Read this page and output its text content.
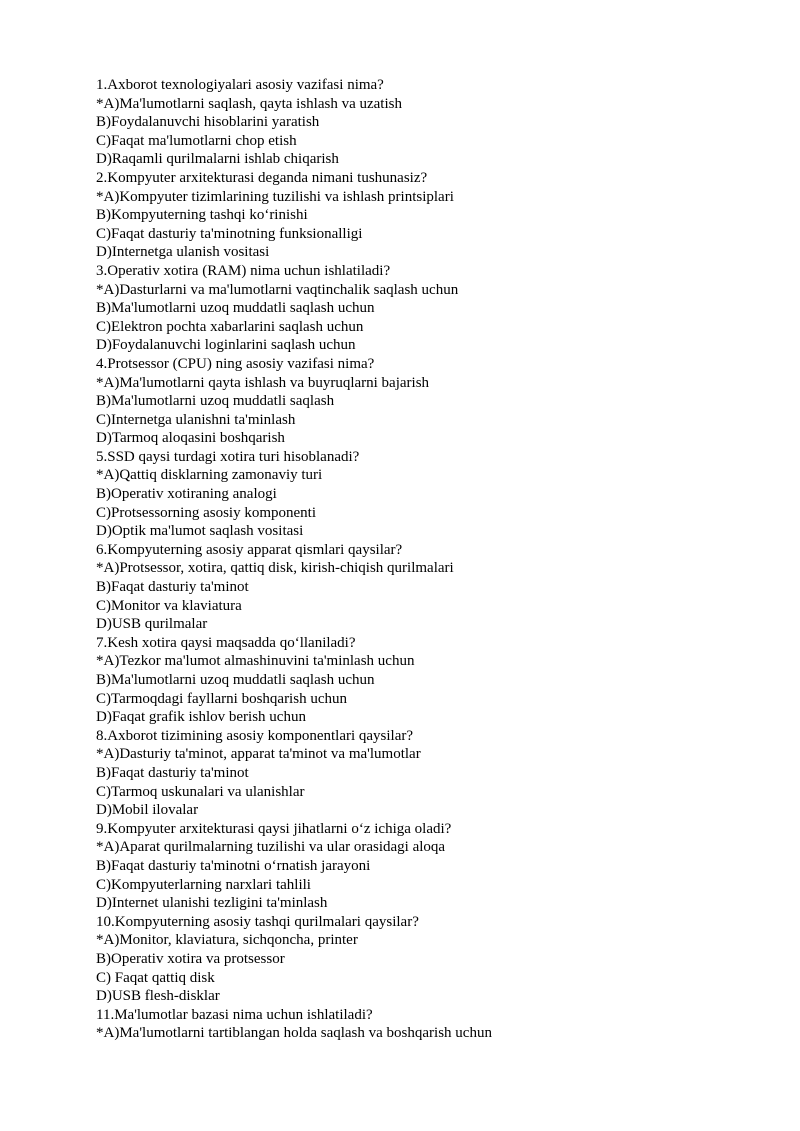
1.Axborot texnologiyalari asosiy vazifasi nima?
*A)Ma'lumotlarni saqlash, qayta ishlash va uzatish
B)Foydalanuvchi hisoblarini yaratish
C)Faqat ma'lumotlarni chop etish
D)Raqamli qurilmalarni ishlab chiqarish
2.Kompyuter arxitekturasi deganda nimani tushunasiz?
*A)Kompyuter tizimlarining tuzilishi va ishlash printsiplari
B)Kompyuterning tashqi ko‘rinishi
C)Faqat dasturiy ta'minotning funksionalligi
D)Internetga ulanish vositasi
3.Operativ xotira (RAM) nima uchun ishlatiladi?
*A)Dasturlarni va ma'lumotlarni vaqtinchalik saqlash uchun
B)Ma'lumotlarni uzoq muddatli saqlash uchun
C)Elektron pochta xabarlarini saqlash uchun
D)Foydalanuvchi loginlarini saqlash uchun
4.Protsessor (CPU) ning asosiy vazifasi nima?
*A)Ma'lumotlarni qayta ishlash va buyruqlarni bajarish
B)Ma'lumotlarni uzoq muddatli saqlash
C)Internetga ulanishni ta'minlash
D)Tarmoq aloqasini boshqarish
5.SSD qaysi turdagi xotira turi hisoblanadi?
*A)Qattiq disklarning zamonaviy turi
B)Operativ xotiraning analogi
C)Protsessorning asosiy komponenti
D)Optik ma'lumot saqlash vositasi
6.Kompyuterning asosiy apparat qismlari qaysilar?
*A)Protsessor, xotira, qattiq disk, kirish-chiqish qurilmalari
B)Faqat dasturiy ta'minot
C)Monitor va klaviatura
D)USB qurilmalar
7.Kesh xotira qaysi maqsadda qo‘llaniladi?
*A)Tezkor ma'lumot almashinuvini ta'minlash uchun
B)Ma'lumotlarni uzoq muddatli saqlash uchun
C)Tarmoqdagi fayllarni boshqarish uchun
D)Faqat grafik ishlov berish uchun
8.Axborot tizimining asosiy komponentlari qaysilar?
*A)Dasturiy ta'minot, apparat ta'minot va ma'lumotlar
B)Faqat dasturiy ta'minot
C)Tarmoq uskunalari va ulanishlar
D)Mobil ilovalar
9.Kompyuter arxitekturasi qaysi jihatlarni o‘z ichiga oladi?
*A)Aparat qurilmalarning tuzilishi va ular orasidagi aloqa
B)Faqat dasturiy ta'minotni o‘rnatish jarayoni
C)Kompyuterlarning narxlari tahlili
D)Internet ulanishi tezligini ta'minlash
10.Kompyuterning asosiy tashqi qurilmalari qaysilar?
*A)Monitor, klaviatura, sichqoncha, printer
B)Operativ xotira va protsessor
C) Faqat qattiq disk
D)USB flesh-disklar
11.Ma'lumotlar bazasi nima uchun ishlatiladi?
*A)Ma'lumotlarni tartiblangan holda saqlash va boshqarish uchun
